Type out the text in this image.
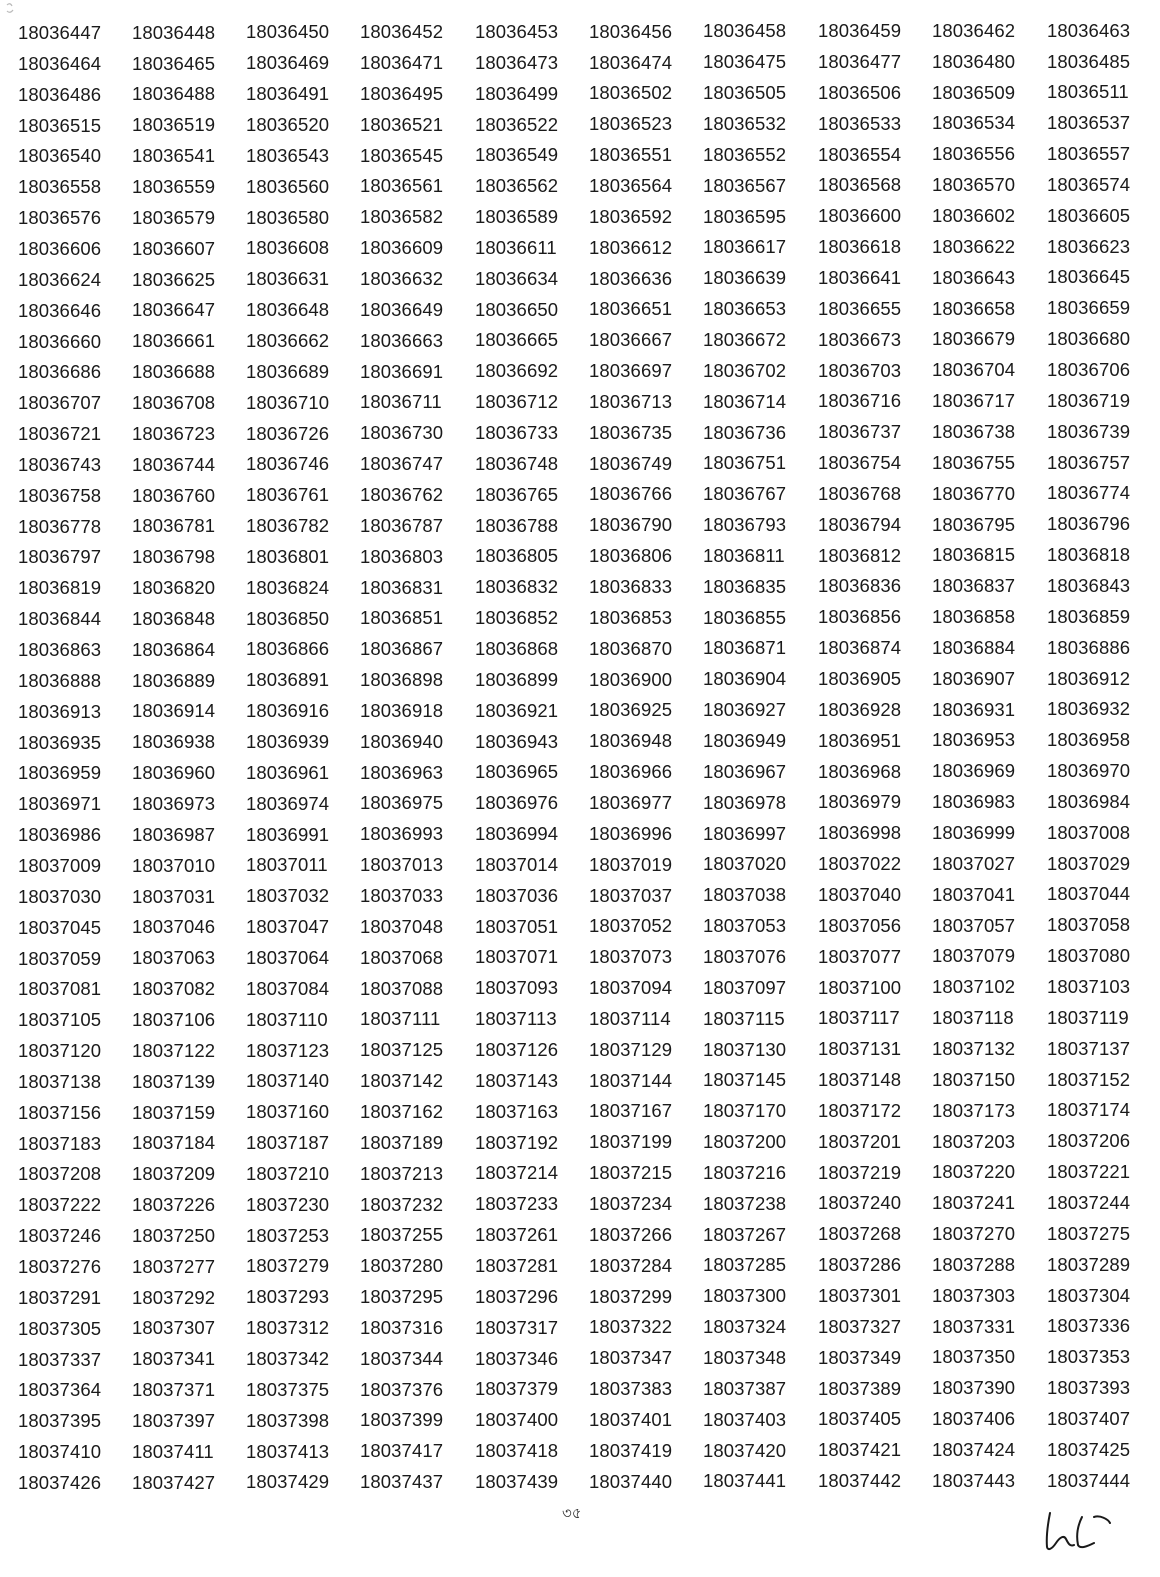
18036447 18036448 18036450 18036452 18036453 18036456 18036458 18036459 18036462 18036463
18036464 18036465 18036469 18036471 18036473 18036474 18036475 18036477 18036480 18036485
18036486 18036488 18036491 18036495 18036499 18036502 18036505 18036506 18036509 18036511
18036515 18036519 18036520 18036521 18036522 18036523 18036532 18036533 18036534 18036537
18036540 18036541 18036543 18036545 18036549 18036551 18036552 18036554 18036556 18036557
18036558 18036559 18036560 18036561 18036562 18036564 18036567 18036568 18036570 18036574
18036576 18036579 18036580 18036582 18036589 18036592 18036595 18036600 18036602 18036605
18036606 18036607 18036608 18036609 18036611 18036612 18036617 18036618 18036622 18036623
18036624 18036625 18036631 18036632 18036634 18036636 18036639 18036641 18036643 18036645
18036646 18036647 18036648 18036649 18036650 18036651 18036653 18036655 18036658 18036659
18036660 18036661 18036662 18036663 18036665 18036667 18036672 18036673 18036679 18036680
18036686 18036688 18036689 18036691 18036692 18036697 18036702 18036703 18036704 18036706
18036707 18036708 18036710 18036711 18036712 18036713 18036714 18036716 18036717 18036719
18036721 18036723 18036726 18036730 18036733 18036735 18036736 18036737 18036738 18036739
18036743 18036744 18036746 18036747 18036748 18036749 18036751 18036754 18036755 18036757
18036758 18036760 18036761 18036762 18036765 18036766 18036767 18036768 18036770 18036774
18036778 18036781 18036782 18036787 18036788 18036790 18036793 18036794 18036795 18036796
18036797 18036798 18036801 18036803 18036805 18036806 18036811 18036812 18036815 18036818
18036819 18036820 18036824 18036831 18036832 18036833 18036835 18036836 18036837 18036843
18036844 18036848 18036850 18036851 18036852 18036853 18036855 18036856 18036858 18036859
18036863 18036864 18036866 18036867 18036868 18036870 18036871 18036874 18036884 18036886
18036888 18036889 18036891 18036898 18036899 18036900 18036904 18036905 18036907 18036912
18036913 18036914 18036916 18036918 18036921 18036925 18036927 18036928 18036931 18036932
18036935 18036938 18036939 18036940 18036943 18036948 18036949 18036951 18036953 18036958
18036959 18036960 18036961 18036963 18036965 18036966 18036967 18036968 18036969 18036970
18036971 18036973 18036974 18036975 18036976 18036977 18036978 18036979 18036983 18036984
18036986 18036987 18036991 18036993 18036994 18036996 18036997 18036998 18036999 18037008
18037009 18037010 18037011 18037013 18037014 18037019 18037020 18037022 18037027 18037029
18037030 18037031 18037032 18037033 18037036 18037037 18037038 18037040 18037041 18037044
18037045 18037046 18037047 18037048 18037051 18037052 18037053 18037056 18037057 18037058
18037059 18037063 18037064 18037068 18037071 18037073 18037076 18037077 18037079 18037080
18037081 18037082 18037084 18037088 18037093 18037094 18037097 18037100 18037102 18037103
18037105 18037106 18037110 18037111 18037113 18037114 18037115 18037117 18037118 18037119
18037120 18037122 18037123 18037125 18037126 18037129 18037130 18037131 18037132 18037137
18037138 18037139 18037140 18037142 18037143 18037144 18037145 18037148 18037150 18037152
18037156 18037159 18037160 18037162 18037163 18037167 18037170 18037172 18037173 18037174
18037183 18037184 18037187 18037189 18037192 18037199 18037200 18037201 18037203 18037206
18037208 18037209 18037210 18037213 18037214 18037215 18037216 18037219 18037220 18037221
18037222 18037226 18037230 18037232 18037233 18037234 18037238 18037240 18037241 18037244
18037246 18037250 18037253 18037255 18037261 18037266 18037267 18037268 18037270 18037275
18037276 18037277 18037279 18037280 18037281 18037284 18037285 18037286 18037288 18037289
18037291 18037292 18037293 18037295 18037296 18037299 18037300 18037301 18037303 18037304
18037305 18037307 18037312 18037316 18037317 18037322 18037324 18037327 18037331 18037336
18037337 18037341 18037342 18037344 18037346 18037347 18037348 18037349 18037350 18037353
18037364 18037371 18037375 18037376 18037379 18037383 18037387 18037389 18037390 18037393
18037395 18037397 18037398 18037399 18037400 18037401 18037403 18037405 18037406 18037407
18037410 18037411 18037413 18037417 18037418 18037419 18037420 18037421 18037424 18037425
18037426 18037427 18037429 18037437 18037439 18037440 18037441 18037442 18037443 18037444
৩৫
